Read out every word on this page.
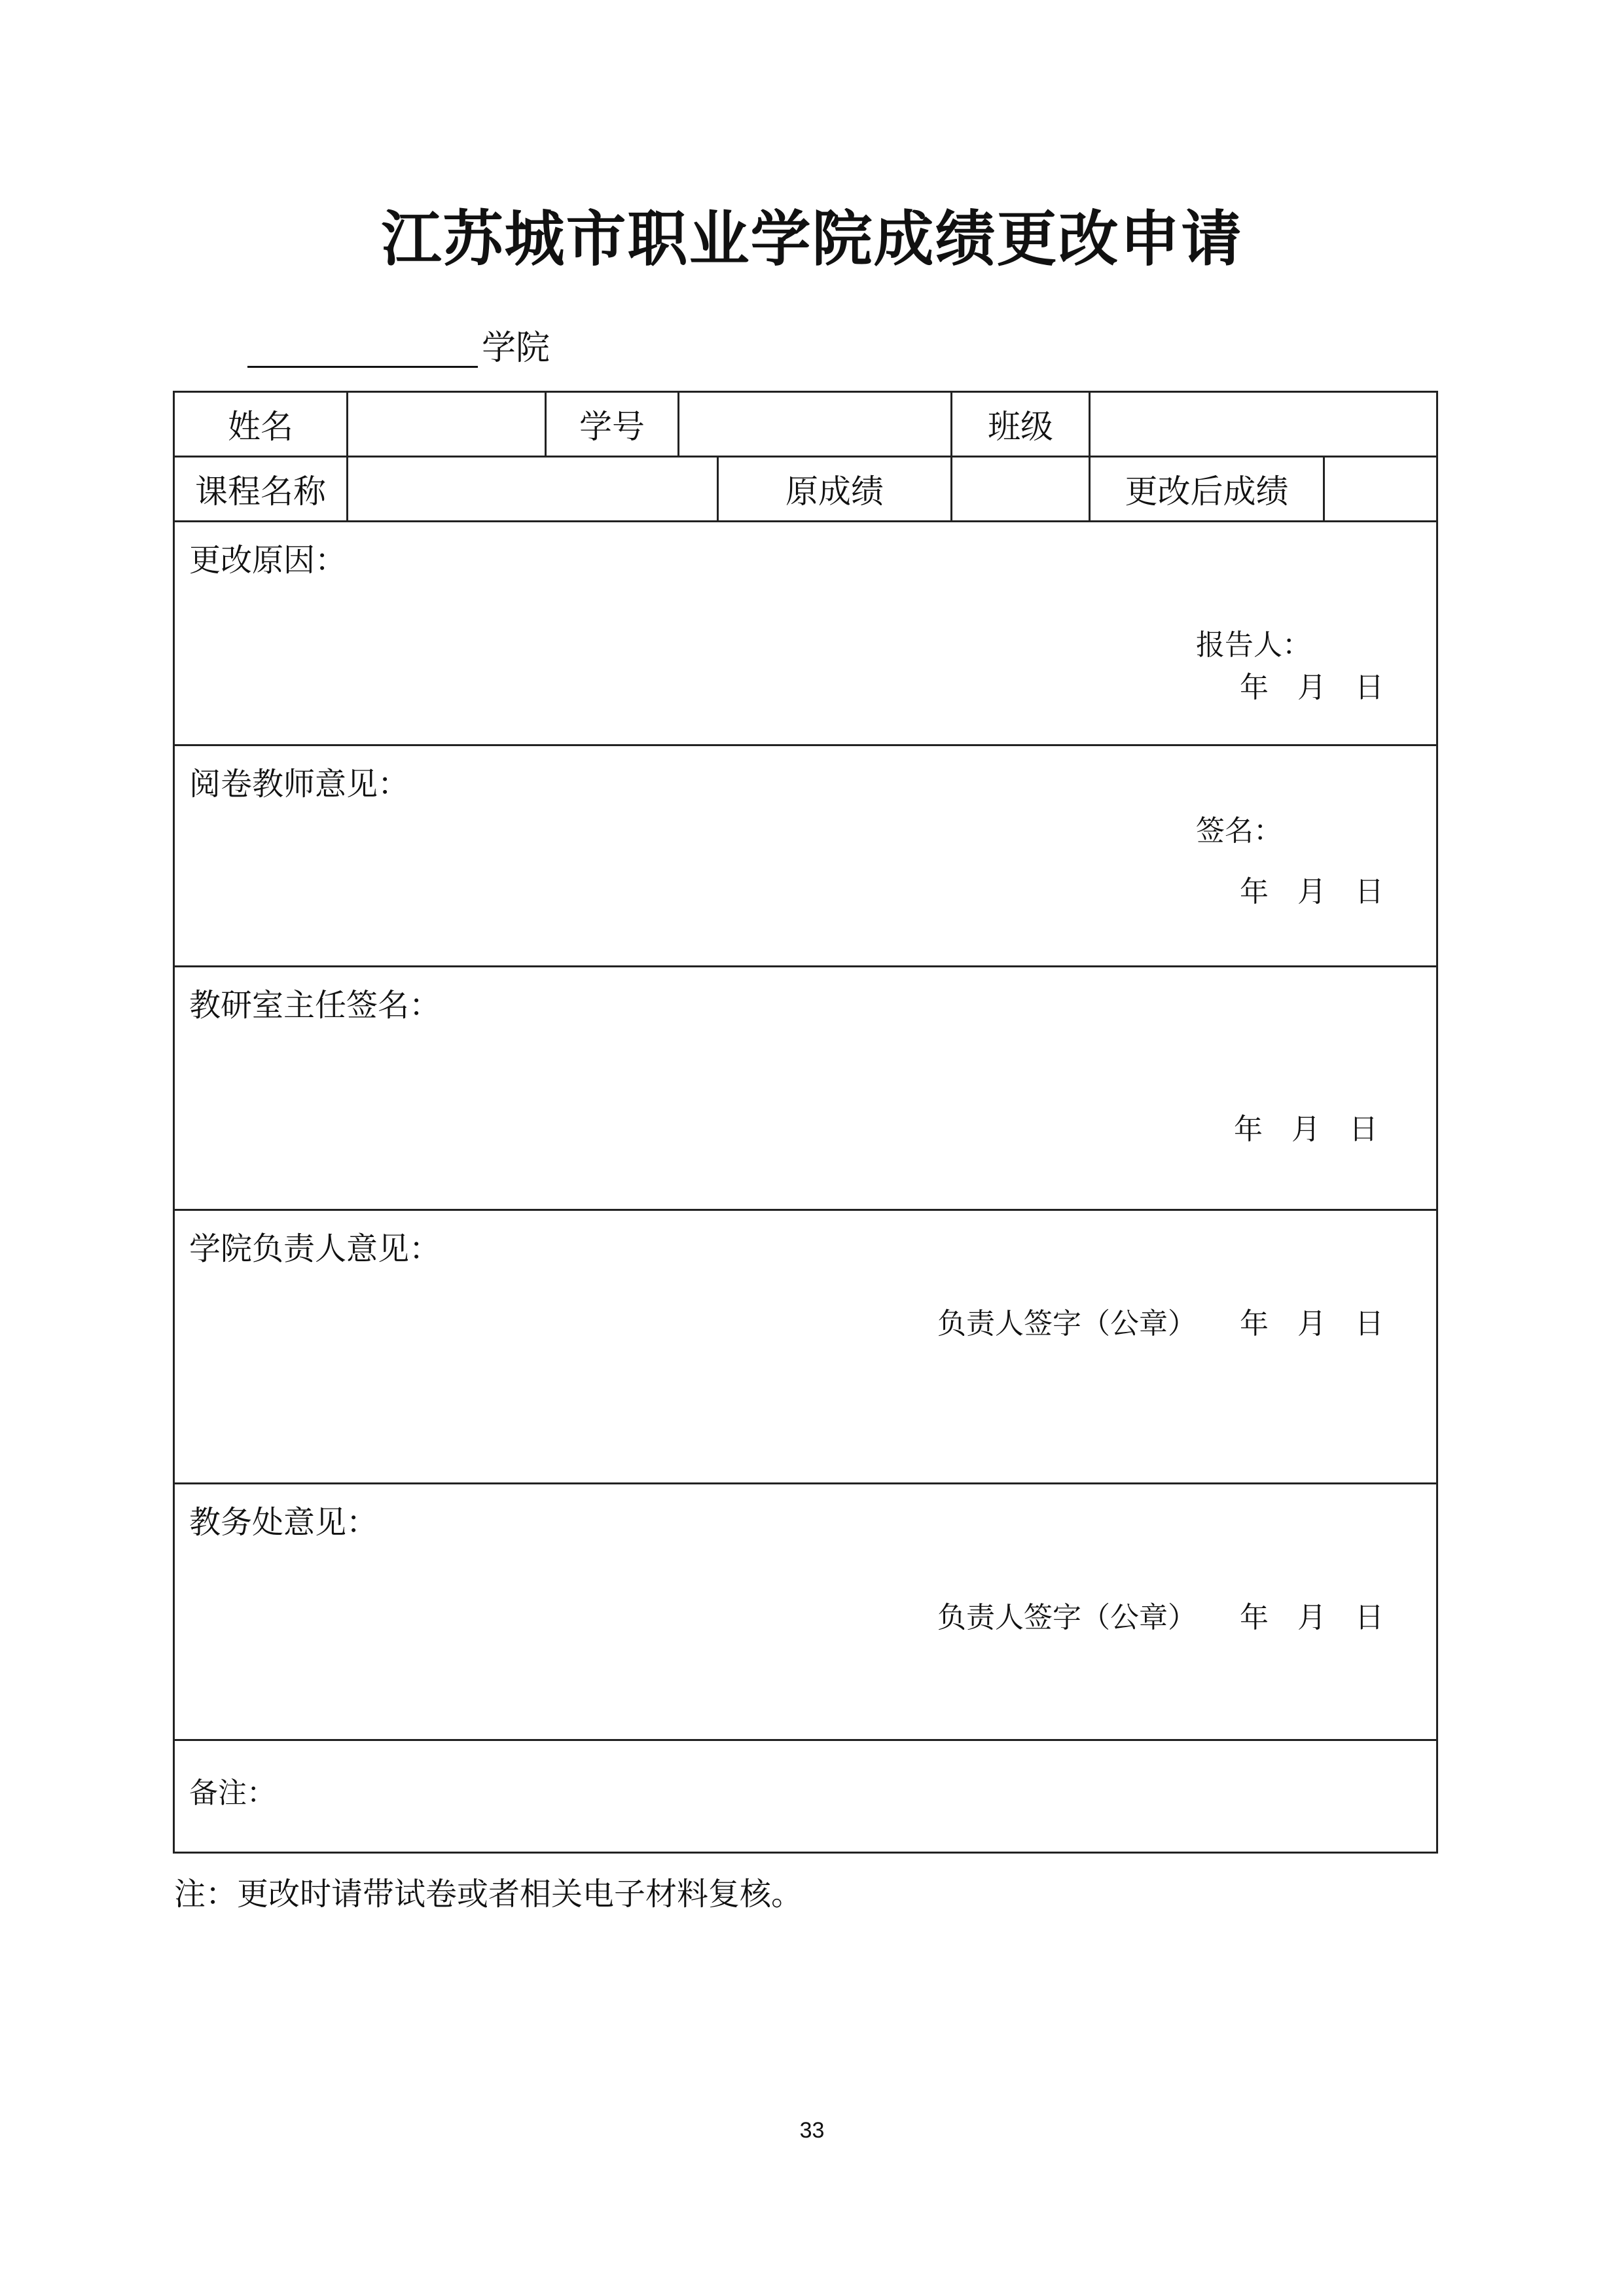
江苏城市职业学院成绩更改申请
学院
姓名	学号	班级
课程名称	原成绩	更改后成绩
更改原因：
报告人：
年	月	日
阅卷教师意见：
签名：
年	月	日
教研室主任签名：
年	月	日
学院负责人意见：
负责人签字（公章）	年	月	日
教务处意见：
负责人签字（公章）	年	月	日
备注：
注：更改时请带试卷或者相关电子材料复核。
33
